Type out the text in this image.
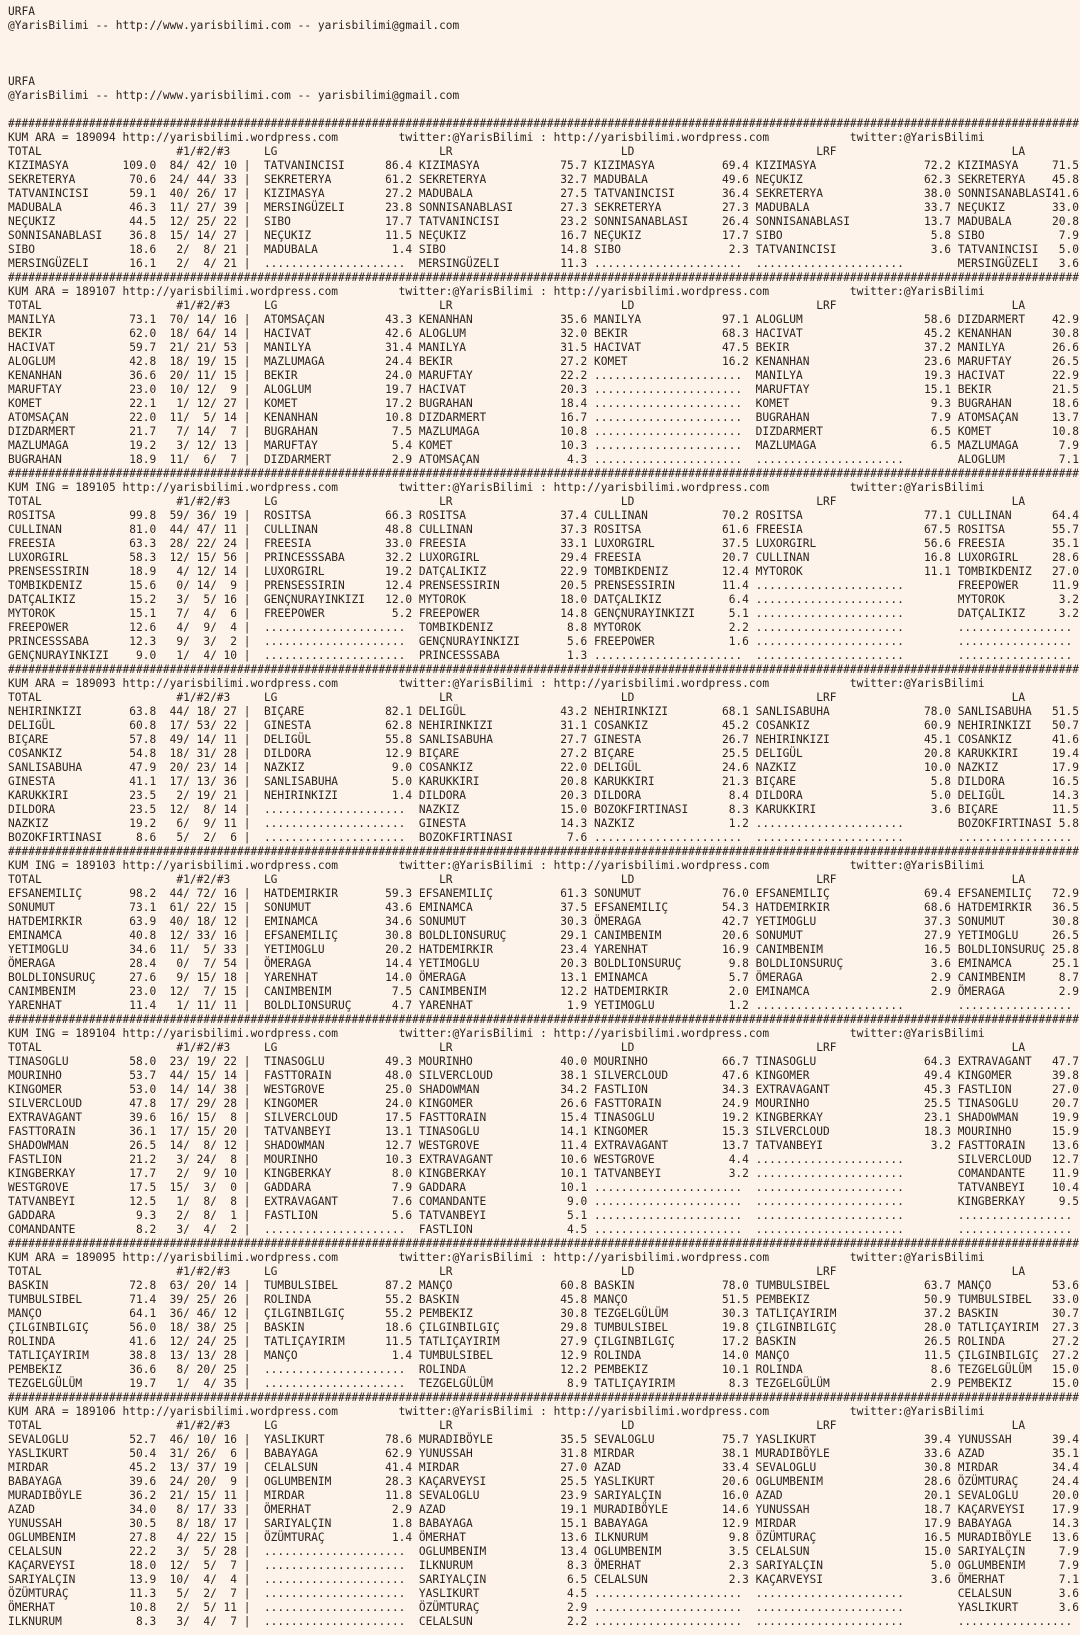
URFA
@YarisBilimi -- http://www.yarisbilimi.com -- yarisbilimi@gmail.com
URFA
@YarisBilimi -- http://www.yarisbilimi.com -- yarisbilimi@gmail.com
###############################################################################################################################################################
KUM ARA = 189094 http://yarisbilimi.wordpress.com         twitter:@YarisBilimi : http://yarisbilimi.wordpress.com            twitter:@YarisBilimi
TOTAL                    #1/#2/#3     LG                        LR                         LD                           LRF                          LA
KIZIMASYA        109.0  84/ 42/ 10 |  TATVANINCISI      86.4 KIZIMASYA            75.7 KIZIMASYA          69.4 KIZIMASYA                72.2 KIZIMASYA     71.5
SEKRETERYA        70.6  24/ 44/ 33 |  SEKRETERYA        61.2 SEKRETERYA           32.7 MADUBALA           49.6 NEÇUKIZ                  62.3 SEKRETERYA    45.8
TATVANINCISI      59.1  40/ 26/ 17 |  KIZIMASYA         27.2 MADUBALA             27.5 TATVANINCISI       36.4 SEKRETERYA               38.0 SONNISANABLASI41.6
MADUBALA          46.3  11/ 27/ 39 |  MERSINGÜZELI      23.8 SONNISANABLASI       27.3 SEKRETERYA         27.3 MADUBALA                 33.7 NEÇUKIZ       33.0
NEÇUKIZ           44.5  12/ 25/ 22 |  SIBO              17.7 TATVANINCISI         23.2 SONNISANABLASI     26.4 SONNISANABLASI           13.7 MADUBALA      20.8
SONNISANABLASI    36.8  15/ 14/ 27 |  NEÇUKIZ           11.5 NEÇUKIZ              16.7 NEÇUKIZ            17.7 SIBO                      5.8 SIBO           7.9
SIBO              18.6   2/  8/ 21 |  MADUBALA           1.4 SIBO                 14.8 SIBO                2.3 TATVANINCISI              3.6 TATVANINCISI   5.0
MERSINGÜZELI      16.1   2/  4/ 21 |  .....................  MERSINGÜZELI         11.3 ......................  ......................        MERSINGÜZELI   3.6
###############################################################################################################################################################
KUM ARA = 189107 http://yarisbilimi.wordpress.com         twitter:@YarisBilimi : http://yarisbilimi.wordpress.com            twitter:@YarisBilimi
TOTAL                    #1/#2/#3     LG                        LR                         LD                           LRF                          LA
MANILYA           73.1  70/ 14/ 16 |  ATOMSAÇAN         43.3 KENANHAN             35.6 MANILYA            97.1 ALOGLUM                  58.6 DIZDARMERT    42.9
BEKIR             62.0  18/ 64/ 14 |  HACIVAT           42.6 ALOGLUM              32.0 BEKIR              68.3 HACIVAT                  45.2 KENANHAN      30.8
HACIVAT           59.7  21/ 21/ 53 |  MANILYA           31.4 MANILYA              31.5 HACIVAT            47.5 BEKIR                    37.2 MANILYA       26.6
ALOGLUM           42.8  18/ 19/ 15 |  MAZLUMAGA         24.4 BEKIR                27.2 KOMET              16.2 KENANHAN                 23.6 MARUFTAY      26.5
KENANHAN          36.6  20/ 11/ 15 |  BEKIR             24.0 MARUFTAY             22.2 ......................  MANILYA                  19.3 HACIVAT       22.9
MARUFTAY          23.0  10/ 12/  9 |  ALOGLUM           19.7 HACIVAT              20.3 ......................  MARUFTAY                 15.1 BEKIR         21.5
KOMET             22.1   1/ 12/ 27 |  KOMET             17.2 BUGRAHAN             18.4 ......................  KOMET                     9.3 BUGRAHAN      18.6
ATOMSAÇAN         22.0  11/  5/ 14 |  KENANHAN          10.8 DIZDARMERT           16.7 ......................  BUGRAHAN                  7.9 ATOMSAÇAN     13.7
DIZDARMERT        21.7   7/ 14/  7 |  BUGRAHAN           7.5 MAZLUMAGA            10.8 ......................  DIZDARMERT                6.5 KOMET         10.8
MAZLUMAGA         19.2   3/ 12/ 13 |  MARUFTAY           5.4 KOMET                10.3 ......................  MAZLUMAGA                 6.5 MAZLUMAGA      7.9
BUGRAHAN          18.9  11/  6/  7 |  DIZDARMERT         2.9 ATOMSAÇAN             4.3 ......................  ......................        ALOGLUM        7.1
###############################################################################################################################################################
KUM ING = 189105 http://yarisbilimi.wordpress.com         twitter:@YarisBilimi : http://yarisbilimi.wordpress.com            twitter:@YarisBilimi
TOTAL                    #1/#2/#3     LG                        LR                         LD                           LRF                          LA
ROSITSA           99.8  59/ 36/ 19 |  ROSITSA           66.3 ROSITSA              37.4 CULLINAN           70.2 ROSITSA                  77.1 CULLINAN      64.4
CULLINAN          81.0  44/ 47/ 11 |  CULLINAN          48.8 CULLINAN             37.3 ROSITSA            61.6 FREESIA                  67.5 ROSITSA       55.7
FREESIA           63.3  28/ 22/ 24 |  FREESIA           33.0 FREESIA              33.1 LUXORGIRL          37.5 LUXORGIRL                56.6 FREESIA       35.1
LUXORGIRL         58.3  12/ 15/ 56 |  PRINCESSSABA      32.2 LUXORGIRL            29.4 FREESIA            20.7 CULLINAN                 16.8 LUXORGIRL     28.6
PRENSESSIRIN      18.9   4/ 12/ 14 |  LUXORGIRL         19.2 DATÇALIKIZ           22.9 TOMBIKDENIZ        12.4 MYTOROK                  11.1 TOMBIKDENIZ   27.0
TOMBIKDENIZ       15.6   0/ 14/  9 |  PRENSESSIRIN      12.4 PRENSESSIRIN         20.5 PRENSESSIRIN       11.4 ......................        FREEPOWER     11.9
DATÇALIKIZ        15.2   3/  5/ 16 |  GENÇNURAYINKIZI   12.0 MYTOROK              18.0 DATÇALIKIZ          6.4 ......................        MYTOROK        3.2
MYTOROK           15.1   7/  4/  6 |  FREEPOWER          5.2 FREEPOWER            14.8 GENÇNURAYINKIZI     5.1 ......................        DATÇALIKIZ     3.2
FREEPOWER         12.6   4/  9/  4 |  .....................  TOMBIKDENIZ           8.8 MYTOROK             2.2 ......................        .................
PRINCESSSABA      12.3   9/  3/  2 |  .....................  GENÇNURAYINKIZI       5.6 FREEPOWER           1.6 ......................        .................
GENÇNURAYINKIZI    9.0   1/  4/ 10 |  .....................  PRINCESSSABA          1.3 ......................  ......................        .................
###############################################################################################################################################################
KUM ARA = 189093 http://yarisbilimi.wordpress.com         twitter:@YarisBilimi : http://yarisbilimi.wordpress.com            twitter:@YarisBilimi
TOTAL                    #1/#2/#3     LG                        LR                         LD                           LRF                          LA
NEHIRINKIZI       63.8  44/ 18/ 27 |  BIÇARE            82.1 DELIGÜL              43.2 NEHIRINKIZI        68.1 SANLISABUHA              78.0 SANLISABUHA   51.5
DELIGÜL           60.8  17/ 53/ 22 |  GINESTA           62.8 NEHIRINKIZI          31.1 COSANKIZ           45.2 COSANKIZ                 60.9 NEHIRINKIZI   50.7
BIÇARE            57.8  49/ 14/ 11 |  DELIGÜL           55.8 SANLISABUHA          27.7 GINESTA            26.7 NEHIRINKIZI              45.1 COSANKIZ      41.6
COSANKIZ          54.8  18/ 31/ 28 |  DILDORA           12.9 BIÇARE               27.2 BIÇARE             25.5 DELIGÜL                  20.8 KARUKKIRI     19.4
SANLISABUHA       47.9  20/ 23/ 14 |  NAZKIZ             9.0 COSANKIZ             22.0 DELIGÜL            24.6 NAZKIZ                   10.0 NAZKIZ        17.9
GINESTA           41.1  17/ 13/ 36 |  SANLISABUHA        5.0 KARUKKIRI            20.8 KARUKKIRI          21.3 BIÇARE                    5.8 DILDORA       16.5
KARUKKIRI         23.5   2/ 19/ 21 |  NEHIRINKIZI        1.4 DILDORA              20.3 DILDORA             8.4 DILDORA                   5.0 DELIGÜL       14.3
DILDORA           23.5  12/  8/ 14 |  .....................  NAZKIZ               15.0 BOZOKFIRTINASI      8.3 KARUKKIRI                 3.6 BIÇARE        11.5
NAZKIZ            19.2   6/  9/ 11 |  .....................  GINESTA              14.3 NAZKIZ              1.2 ......................        BOZOKFIRTINASI 5.8
BOZOKFIRTINASI     8.6   5/  2/  6 |  .....................  BOZOKFIRTINASI        7.6 ......................  ......................        .................
###############################################################################################################################################################
KUM ING = 189103 http://yarisbilimi.wordpress.com         twitter:@YarisBilimi : http://yarisbilimi.wordpress.com            twitter:@YarisBilimi
TOTAL                    #1/#2/#3     LG                        LR                         LD                           LRF                          LA
EFSANEMILIÇ       98.2  44/ 72/ 16 |  HATDEMIRKIR       59.3 EFSANEMILIÇ          61.3 SONUMUT            76.0 EFSANEMILIÇ              69.4 EFSANEMILIÇ   72.9
SONUMUT           73.1  61/ 22/ 15 |  SONUMUT           43.6 EMINAMCA             37.5 EFSANEMILIÇ        54.3 HATDEMIRKIR              68.6 HATDEMIRKIR   36.5
HATDEMIRKIR       63.9  40/ 18/ 12 |  EMINAMCA          34.6 SONUMUT              30.3 ÖMERAGA            42.7 YETIMOGLU                37.3 SONUMUT       30.8
EMINAMCA          40.8  12/ 33/ 16 |  EFSANEMILIÇ       30.8 BOLDLIONSURUÇ        29.1 CANIMBENIM         20.6 SONUMUT                  27.9 YETIMOGLU     26.5
YETIMOGLU         34.6  11/  5/ 33 |  YETIMOGLU         20.2 HATDEMIRKIR          23.4 YARENHAT           16.9 CANIMBENIM               16.5 BOLDLIONSURUÇ 25.8
ÖMERAGA           28.4   0/  7/ 54 |  ÖMERAGA           14.4 YETIMOGLU            20.3 BOLDLIONSURUÇ       9.8 BOLDLIONSURUÇ             3.6 EMINAMCA      25.1
BOLDLIONSURUÇ     27.6   9/ 15/ 18 |  YARENHAT          14.0 ÖMERAGA              13.1 EMINAMCA            5.7 ÖMERAGA                   2.9 CANIMBENIM     8.7
CANIMBENIM        23.0  12/  7/ 15 |  CANIMBENIM         7.5 CANIMBENIM           12.2 HATDEMIRKIR         2.0 EMINAMCA                  2.9 ÖMERAGA        2.9
YARENHAT          11.4   1/ 11/ 11 |  BOLDLIONSURUÇ      4.7 YARENHAT              1.9 YETIMOGLU           1.2 ......................        .................
###############################################################################################################################################################
KUM ING = 189104 http://yarisbilimi.wordpress.com         twitter:@YarisBilimi : http://yarisbilimi.wordpress.com            twitter:@YarisBilimi
TOTAL                    #1/#2/#3     LG                        LR                         LD                           LRF                          LA
TINASOGLU         58.0  23/ 19/ 22 |  TINASOGLU         49.3 MOURINHO             40.0 MOURINHO           66.7 TINASOGLU                64.3 EXTRAVAGANT   47.7
MOURINHO          53.7  44/ 15/ 14 |  FASTTORAIN        48.0 SILVERCLOUD          38.1 SILVERCLOUD        47.6 KINGOMER                 49.4 KINGOMER      39.8
KINGOMER          53.0  14/ 14/ 38 |  WESTGROVE         25.0 SHADOWMAN            34.2 FASTLION           34.3 EXTRAVAGANT              45.3 FASTLION      27.0
SILVERCLOUD       47.8  17/ 29/ 28 |  KINGOMER          24.0 KINGOMER             26.6 FASTTORAIN         24.9 MOURINHO                 25.5 TINASOGLU     20.7
EXTRAVAGANT       39.6  16/ 15/  8 |  SILVERCLOUD       17.5 FASTTORAIN           15.4 TINASOGLU          19.2 KINGBERKAY               23.1 SHADOWMAN     19.9
FASTTORAIN        36.1  17/ 15/ 20 |  TATVANBEYI        13.1 TINASOGLU            14.1 KINGOMER           15.3 SILVERCLOUD              18.3 MOURINHO      15.9
SHADOWMAN         26.5  14/  8/ 12 |  SHADOWMAN         12.7 WESTGROVE            11.4 EXTRAVAGANT        13.7 TATVANBEYI                3.2 FASTTORAIN    13.6
FASTLION          21.2   3/ 24/  8 |  MOURINHO          10.3 EXTRAVAGANT          10.6 WESTGROVE           4.4 ......................        SILVERCLOUD   12.7
KINGBERKAY        17.7   2/  9/ 10 |  KINGBERKAY         8.0 KINGBERKAY           10.1 TATVANBEYI          3.2 ......................        COMANDANTE    11.9
WESTGROVE         17.5  15/  3/  0 |  GADDARA            7.9 GADDARA              10.1 ......................  ......................        TATVANBEYI    10.4
TATVANBEYI        12.5   1/  8/  8 |  EXTRAVAGANT        7.6 COMANDANTE            9.0 ......................  ......................        KINGBERKAY     9.5
GADDARA            9.3   2/  8/  1 |  FASTLION           5.6 TATVANBEYI            5.1 ......................  ......................        .................
COMANDANTE         8.2   3/  4/  2 |  .....................  FASTLION              4.5 ......................  ......................        .................
###############################################################################################################################################################
KUM ARA = 189095 http://yarisbilimi.wordpress.com         twitter:@YarisBilimi : http://yarisbilimi.wordpress.com            twitter:@YarisBilimi
TOTAL                    #1/#2/#3     LG                        LR                         LD                           LRF                          LA
BASKIN            72.8  63/ 20/ 14 |  TUMBULSIBEL       87.2 MANÇO                60.8 BASKIN             78.0 TUMBULSIBEL              63.7 MANÇO         53.6
TUMBULSIBEL       71.4  39/ 25/ 26 |  ROLINDA           55.2 BASKIN               45.8 MANÇO              51.5 PEMBEKIZ                 50.9 TUMBULSIBEL   33.0
MANÇO             64.1  36/ 46/ 12 |  ÇILGINBILGIÇ      55.2 PEMBEKIZ             30.8 TEZGELGÜLÜM        30.3 TATLIÇAYIRIM             37.2 BASKIN        30.7
ÇILGINBILGIÇ      56.0  18/ 38/ 25 |  BASKIN            18.6 ÇILGINBILGIÇ         29.8 TUMBULSIBEL        19.8 ÇILGINBILGIÇ             28.0 TATLIÇAYIRIM  27.3
ROLINDA           41.6  12/ 24/ 25 |  TATLIÇAYIRIM      11.5 TATLIÇAYIRIM         27.9 ÇILGINBILGIÇ       17.2 BASKIN                   26.5 ROLINDA       27.2
TATLIÇAYIRIM      38.8  13/ 13/ 28 |  MANÇO              1.4 TUMBULSIBEL          12.9 ROLINDA            14.0 MANÇO                    11.5 ÇILGINBILGIÇ  27.2
PEMBEKIZ          36.6   8/ 20/ 25 |  .....................  ROLINDA              12.2 PEMBEKIZ           10.1 ROLINDA                   8.6 TEZGELGÜLÜM   15.0
TEZGELGÜLÜM       19.7   1/  4/ 35 |  .....................  TEZGELGÜLÜM           8.9 TATLIÇAYIRIM        8.3 TEZGELGÜLÜM               2.9 PEMBEKIZ      15.0
###############################################################################################################################################################
KUM ARA = 189106 http://yarisbilimi.wordpress.com         twitter:@YarisBilimi : http://yarisbilimi.wordpress.com            twitter:@YarisBilimi
TOTAL                    #1/#2/#3     LG                        LR                         LD                           LRF                          LA
SEVALOGLU         52.7  46/ 10/ 16 |  YASLIKURT         78.6 MURADIBÖYLE          35.5 SEVALOGLU          75.7 YASLIKURT                39.4 YUNUSSAH      39.4
YASLIKURT         50.4  31/ 26/  6 |  BABAYAGA          62.9 YUNUSSAH             31.8 MIRDAR             38.1 MURADIBÖYLE              33.6 AZAD          35.1
MIRDAR            45.2  13/ 37/ 19 |  CELALSUN          41.4 MIRDAR               27.0 AZAD               33.4 SEVALOGLU                30.8 MIRDAR        34.4
BABAYAGA          39.6  24/ 20/  9 |  OGLUMBENIM        28.3 KAÇARVEYSI           25.5 YASLIKURT          20.6 OGLUMBENIM               28.6 ÖZÜMTURAÇ     24.4
MURADIBÖYLE       36.2  21/ 15/ 11 |  MIRDAR            11.8 SEVALOGLU            23.9 SARIYALÇIN         16.0 AZAD                     20.1 SEVALOGLU     20.0
AZAD              34.0   8/ 17/ 33 |  ÖMERHAT            2.9 AZAD                 19.1 MURADIBÖYLE        14.6 YUNUSSAH                 18.7 KAÇARVEYSI    17.9
YUNUSSAH          30.5   8/ 18/ 17 |  SARIYALÇIN         1.8 BABAYAGA             15.1 BABAYAGA           12.9 MIRDAR                   17.9 BABAYAGA      14.3
OGLUMBENIM        27.8   4/ 22/ 15 |  ÖZÜMTURAÇ          1.4 ÖMERHAT              13.6 ILKNURUM            9.8 ÖZÜMTURAÇ                16.5 MURADIBÖYLE   13.6
CELALSUN          22.2   3/  5/ 28 |  .....................  OGLUMBENIM           13.4 OGLUMBENIM          3.5 CELALSUN                 15.0 SARIYALÇIN     7.9
KAÇARVEYSI        18.0  12/  5/  7 |  .....................  ILKNURUM              8.3 ÖMERHAT             2.3 SARIYALÇIN                5.0 OGLUMBENIM     7.9
SARIYALÇIN        13.9  10/  4/  4 |  .....................  SARIYALÇIN            6.5 CELALSUN            2.3 KAÇARVEYSI                3.6 ÖMERHAT        7.1
ÖZÜMTURAÇ         11.3   5/  2/  7 |  .....................  YASLIKURT             4.5 ......................  ......................        CELALSUN       3.6
ÖMERHAT           10.8   2/  5/ 11 |  .....................  ÖZÜMTURAÇ             2.9 ......................  ......................        YASLIKURT      3.6
ILKNURUM           8.3   3/  4/  7 |  .....................  CELALSUN              2.2 ......................  ......................        .................
